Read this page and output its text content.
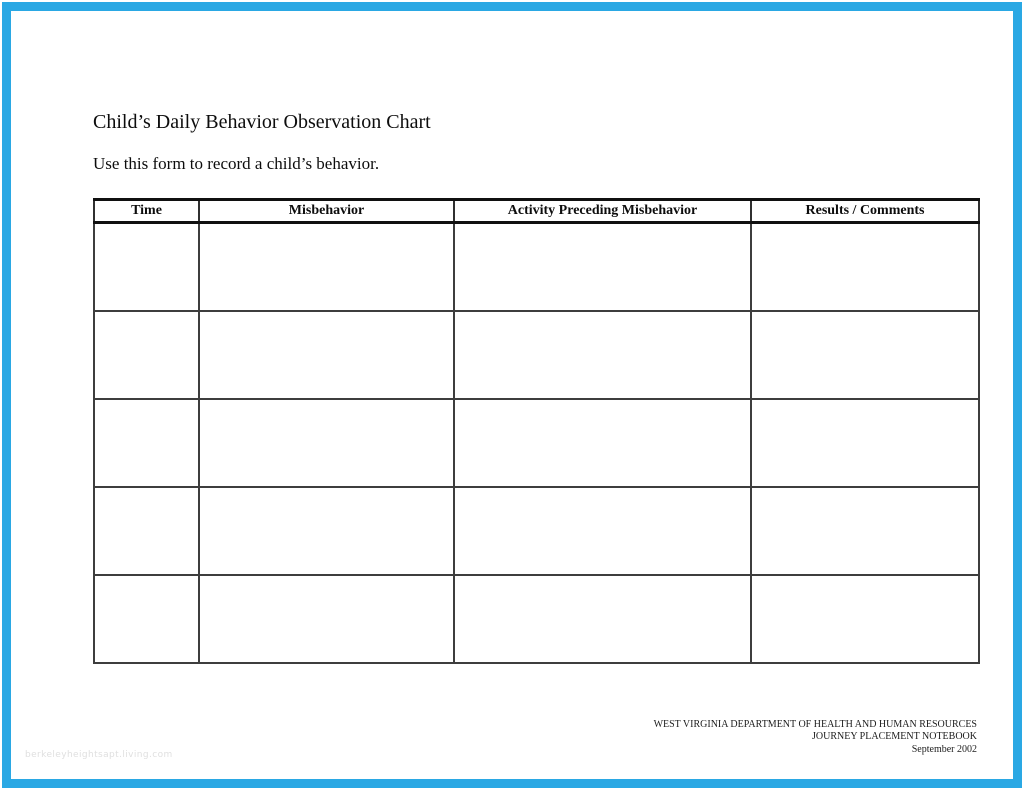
Child’s Daily Behavior Observation Chart
Use this form to record a child’s behavior.
Time	Misbehavior	Activity Preceding Misbehavior	Results / Comments

WEST VIRGINIA DEPARTMENT OF HEALTH AND HUMAN RESOURCES
JOURNEY PLACEMENT NOTEBOOK
September 2002
berkeleyheightsapt.living.com
